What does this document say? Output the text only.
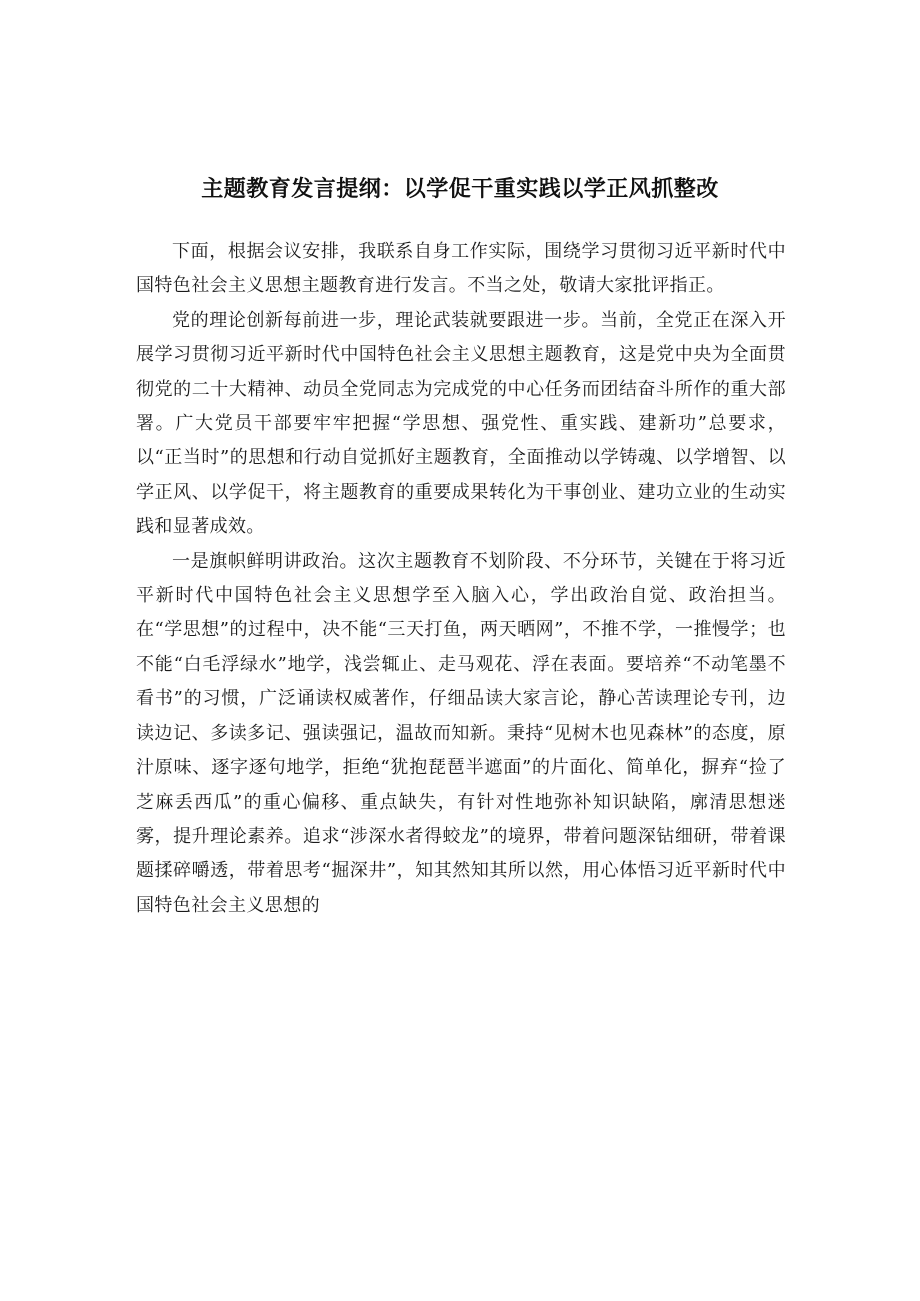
主题教育发言提纲：以学促干重实践以学正风抓整改

下面，根据会议安排，我联系自身工作实际，围绕学习贯彻习近平新时代中国特色社会主义思想主题教育进行发言。不当之处，敬请大家批评指正。

党的理论创新每前进一步，理论武装就要跟进一步。当前，全党正在深入开展学习贯彻习近平新时代中国特色社会主义思想主题教育，这是党中央为全面贯彻党的二十大精神、动员全党同志为完成党的中心任务而团结奋斗所作的重大部署。广大党员干部要牢牢把握“学思想、强党性、重实践、建新功”总要求，以“正当时”的思想和行动自觉抓好主题教育，全面推动以学铸魂、以学增智、以学正风、以学促干，将主题教育的重要成果转化为干事创业、建功立业的生动实践和显著成效。

一是旗帜鲜明讲政治。这次主题教育不划阶段、不分环节，关键在于将习近平新时代中国特色社会主义思想学至入脑入心，学出政治自觉、政治担当。在“学思想”的过程中，决不能“三天打鱼，两天晒网”，不推不学，一推慢学；也不能“白毛浮绿水”地学，浅尝辄止、走马观花、浮在表面。要培养“不动笔墨不看书”的习惯，广泛诵读权威著作，仔细品读大家言论，静心苦读理论专刊，边读边记、多读多记、强读强记，温故而知新。秉持“见树木也见森林”的态度，原汁原味、逐字逐句地学，拒绝“犹抱琵琶半遮面”的片面化、简单化，摒弃“捡了芝麻丢西瓜”的重心偏移、重点缺失，有针对性地弥补知识缺陷，廓清思想迷雾，提升理论素养。追求“涉深水者得蛟龙”的境界，带着问题深钻细研，带着课题揉碎嚼透，带着思考“掘深井”，知其然知其所以然，用心体悟习近平新时代中国特色社会主义思想的
